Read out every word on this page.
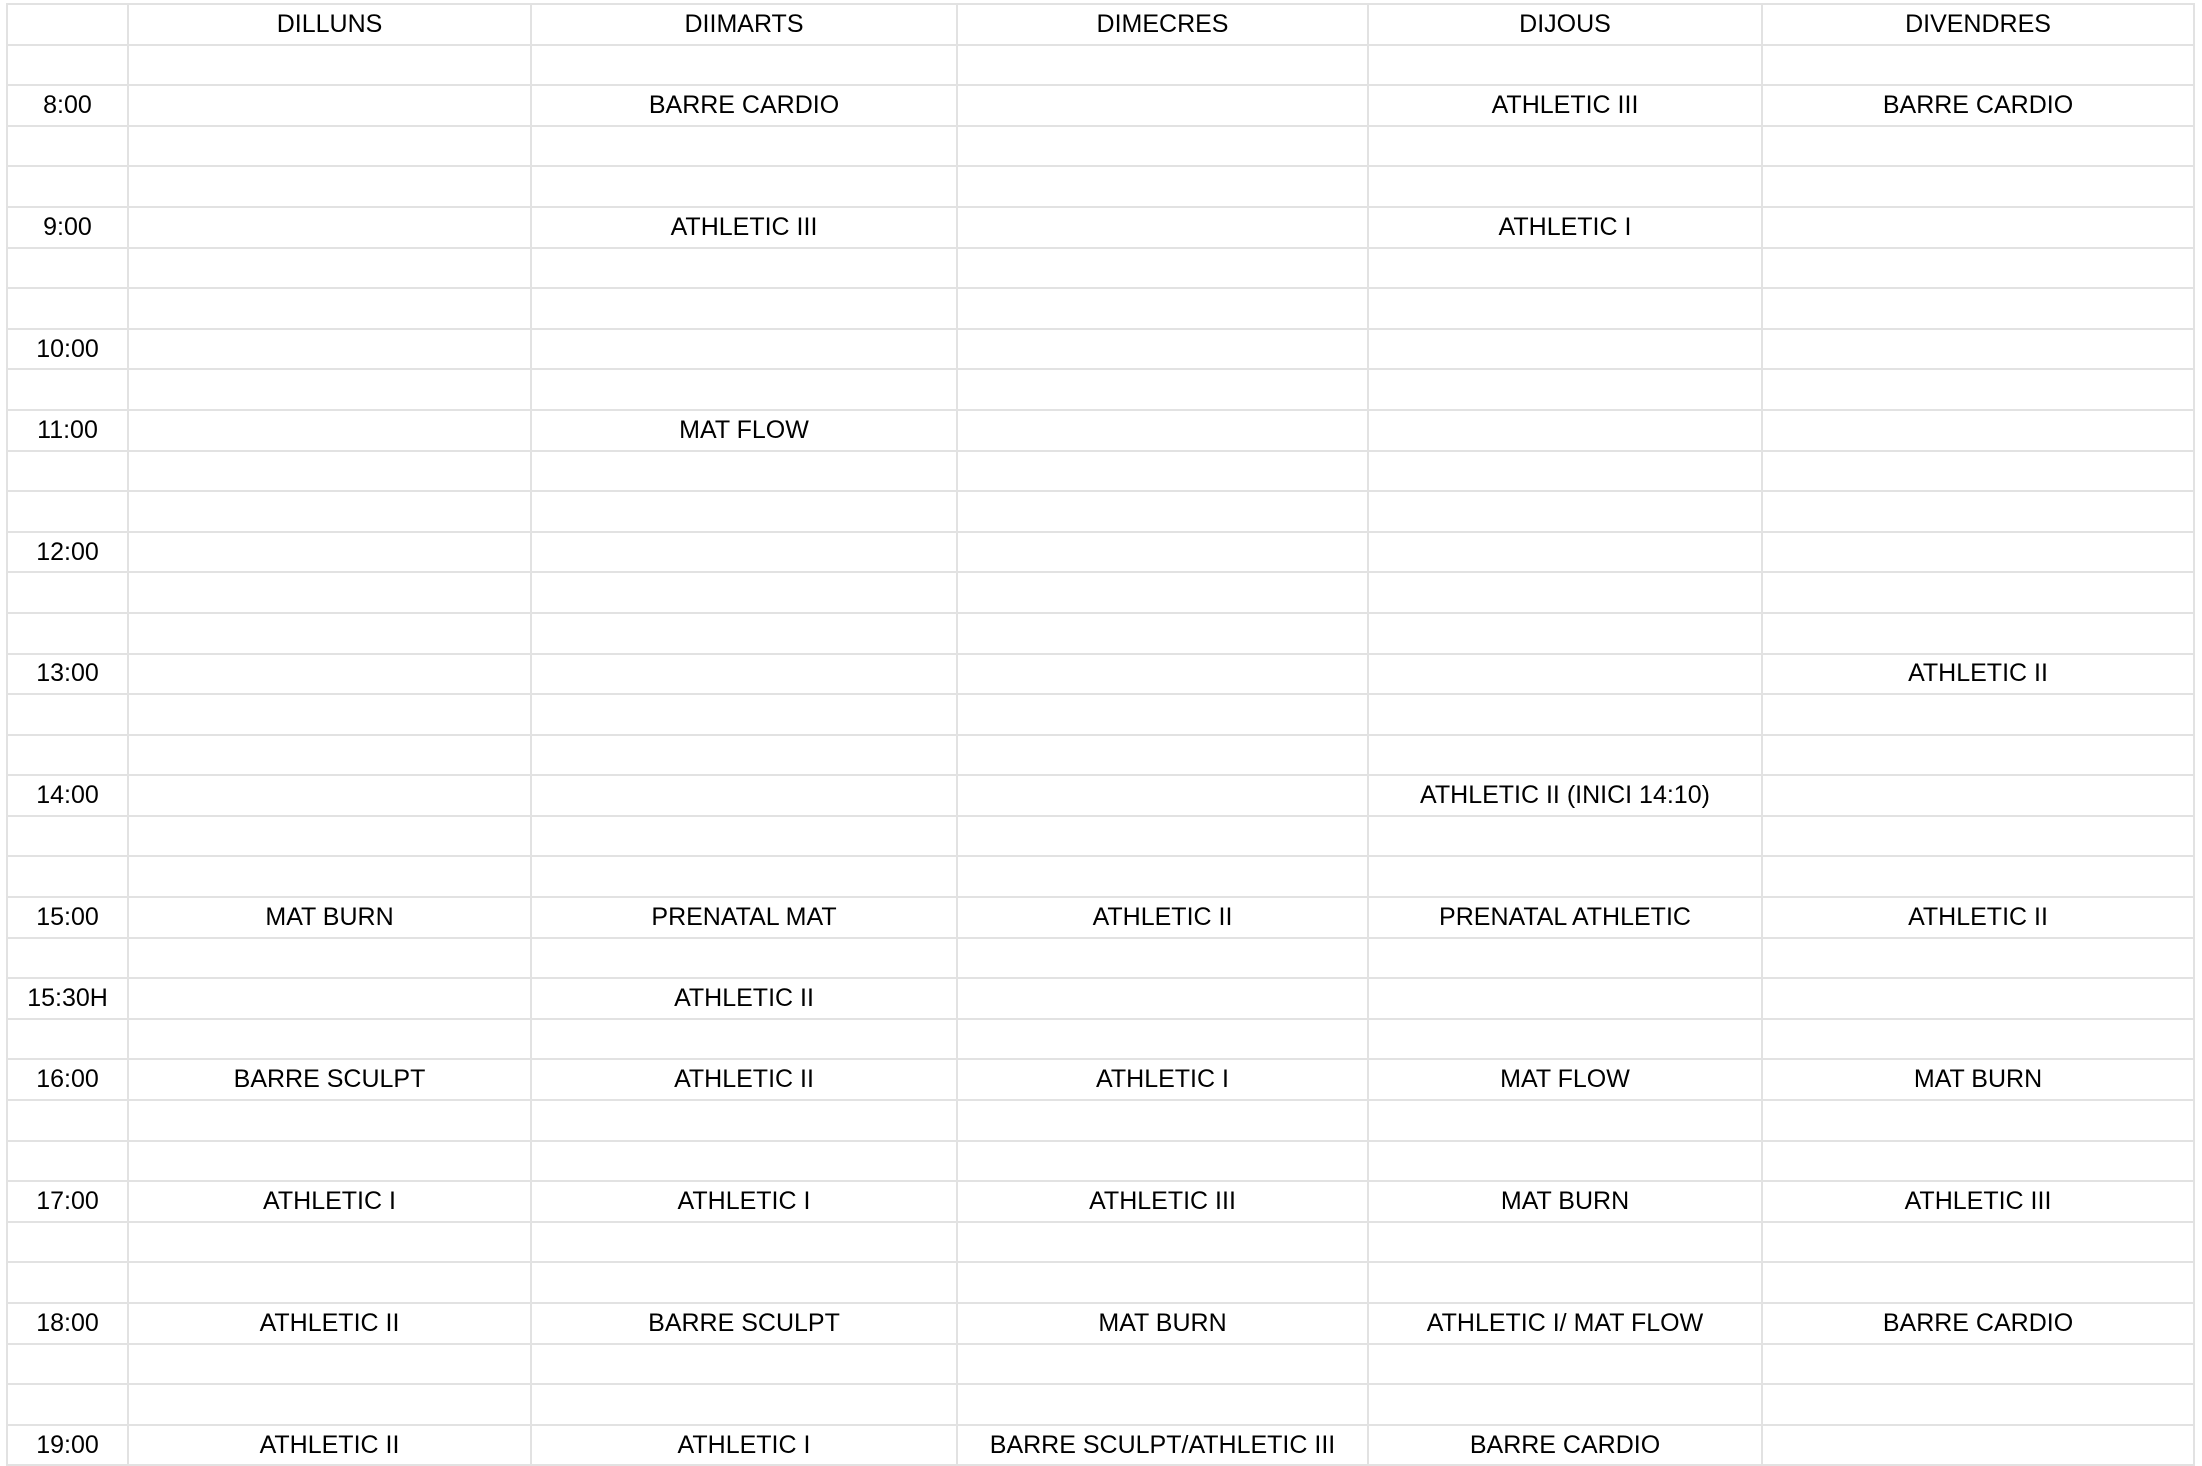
	DILLUNS	DIIMARTS	DIMECRES	DIJOUS	DIVENDRES

8:00		BARRE CARDIO		ATHLETIC III	BARRE CARDIO

9:00		ATHLETIC III		ATHLETIC I	

10:00					

11:00		MAT FLOW			

12:00					

13:00					ATHLETIC II

14:00				ATHLETIC II (INICI 14:10)	

15:00	MAT BURN	PRENATAL MAT	ATHLETIC II	PRENATAL ATHLETIC	ATHLETIC II

15:30H		ATHLETIC II			

16:00	BARRE SCULPT	ATHLETIC II	ATHLETIC I	MAT FLOW	MAT BURN

17:00	ATHLETIC I	ATHLETIC I	ATHLETIC III	MAT BURN	ATHLETIC III

18:00	ATHLETIC II	BARRE SCULPT	MAT BURN	ATHLETIC I/ MAT FLOW	BARRE CARDIO

19:00	ATHLETIC II	ATHLETIC I	BARRE SCULPT/ATHLETIC III	BARRE CARDIO	
